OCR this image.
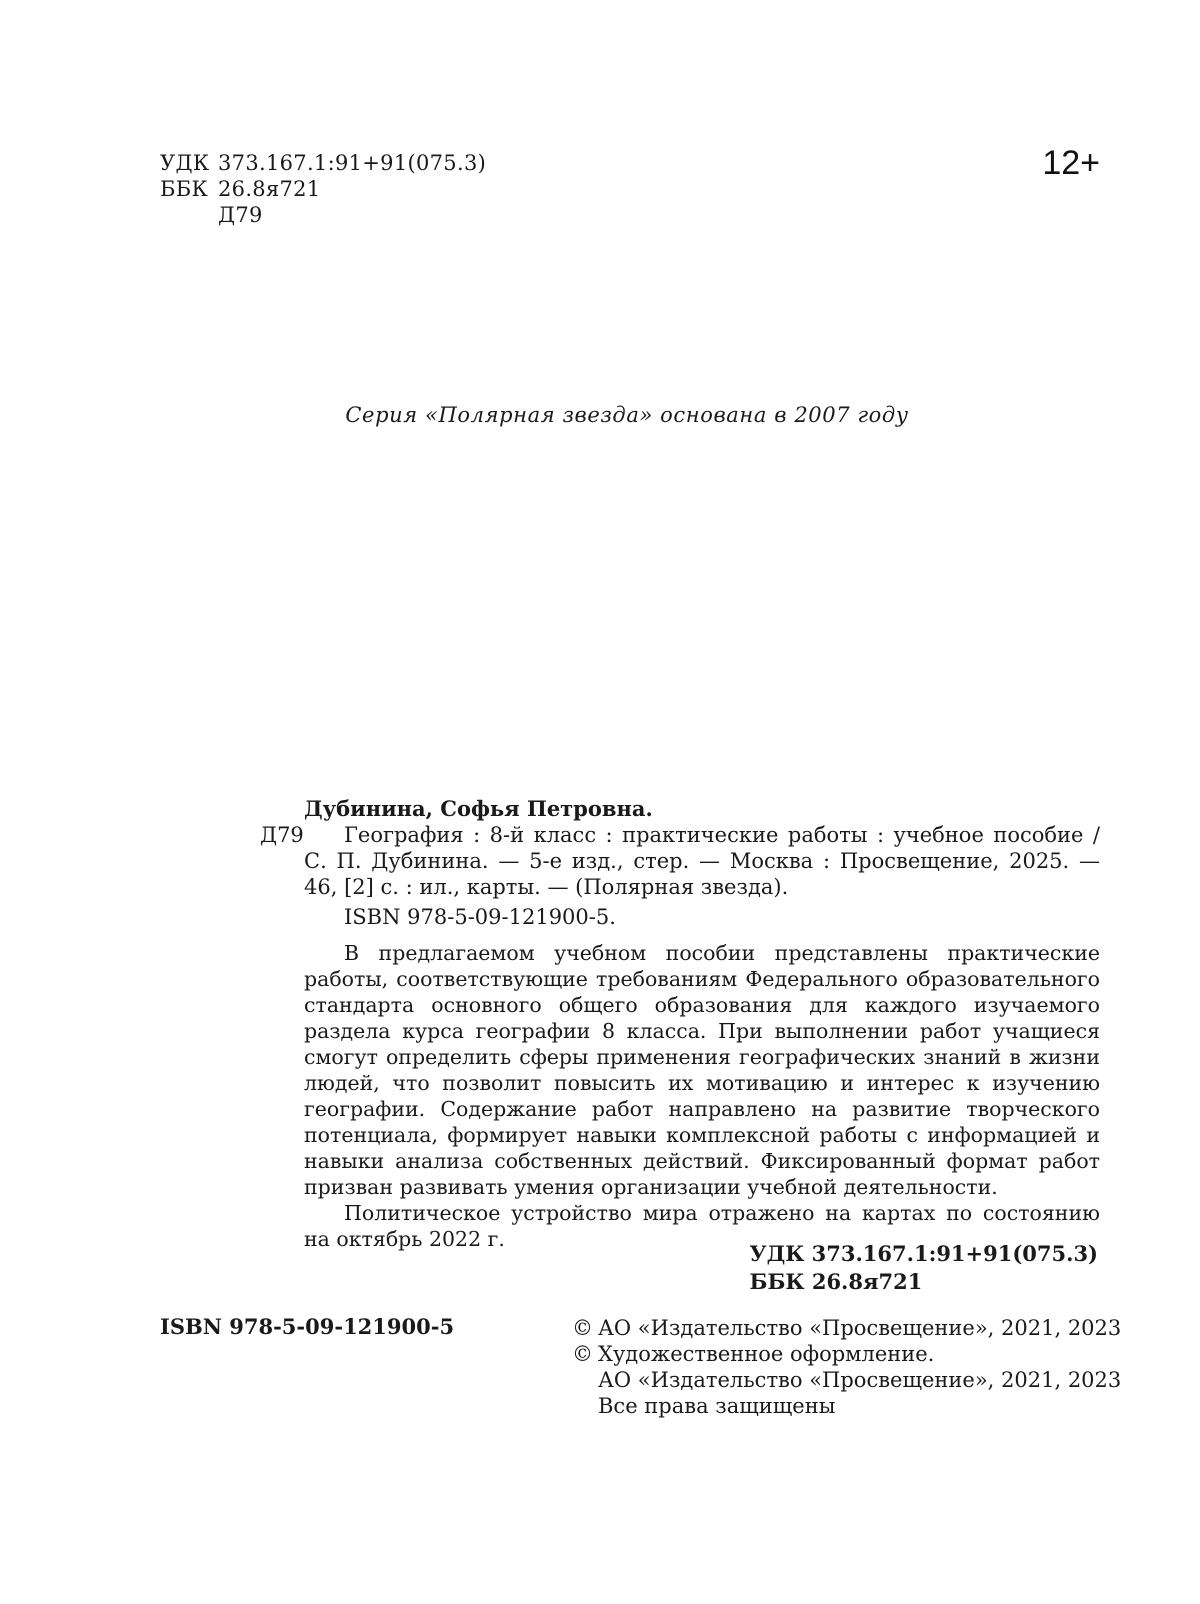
УДК 373.167.1:91+91(075.3)
ББК 26.8я721
Д79
12+
Серия «Полярная звезда» основана в 2007 году
Дубинина, Софья Петровна.
Д79	География : 8-й класс : практические работы : учебное пособие / С. П. Дубинина. — 5-е изд., стер. — Москва : Просвещение, 2025. — 46, [2] с. : ил., карты. — (Полярная звезда).
ISBN 978-5-09-121900-5.

В предлагаемом учебном пособии представлены практические работы, соответствующие требованиям Федерального образовательного стандарта основного общего образования для каждого изучаемого раздела курса географии 8 класса. При выполнении работ учащиеся смогут определить сферы применения географических знаний в жизни людей, что позволит повысить их мотивацию и интерес к изучению географии. Содержание работ направлено на развитие творческого потенциала, формирует навыки комплексной работы с информацией и навыки анализа собственных действий. Фиксированный формат работ призван развивать умения организации учебной деятельности.

Политическое устройство мира отражено на картах по состоянию на октябрь 2022 г.

УДК 373.167.1:91+91(075.3)
ББК 26.8я721
ISBN 978-5-09-121900-5	© АО «Издательство «Просвещение», 2021, 2023
© Художественное оформление.
АО «Издательство «Просвещение», 2021, 2023
Все права защищены
